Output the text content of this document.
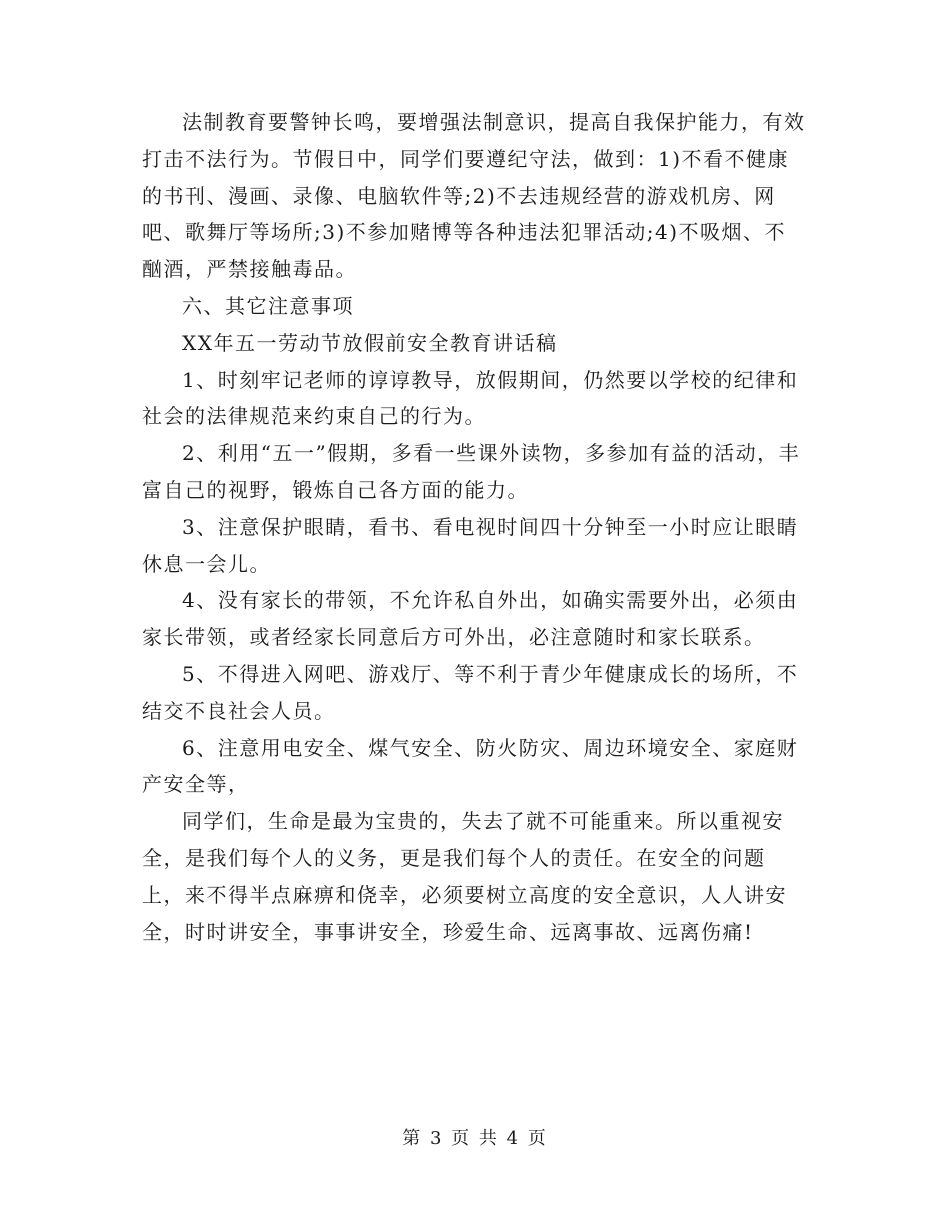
法制教育要警钟长鸣，要增强法制意识，提高自我保护能力，有效打击不法行为。节假日中，同学们要遵纪守法，做到：1)不看不健康的书刊、漫画、录像、电脑软件等;2)不去违规经营的游戏机房、网吧、歌舞厅等场所;3)不参加赌博等各种违法犯罪活动;4)不吸烟、不酗酒，严禁接触毒品。

六、其它注意事项

XX年五一劳动节放假前安全教育讲话稿

1、时刻牢记老师的谆谆教导，放假期间，仍然要以学校的纪律和社会的法律规范来约束自己的行为。

2、利用“五一”假期，多看一些课外读物，多参加有益的活动，丰富自己的视野，锻炼自己各方面的能力。

3、注意保护眼睛，看书、看电视时间四十分钟至一小时应让眼睛休息一会儿。

4、没有家长的带领，不允许私自外出，如确实需要外出，必须由家长带领，或者经家长同意后方可外出，必注意随时和家长联系。

5、不得进入网吧、游戏厅、等不利于青少年健康成长的场所，不结交不良社会人员。

6、注意用电安全、煤气安全、防火防灾、周边环境安全、家庭财产安全等，

同学们，生命是最为宝贵的，失去了就不可能重来。所以重视安全，是我们每个人的义务，更是我们每个人的责任。在安全的问题上，来不得半点麻痹和侥幸，必须要树立高度的安全意识，人人讲安全，时时讲安全，事事讲安全，珍爱生命、远离事故、远离伤痛!

第 3 页 共 4 页
